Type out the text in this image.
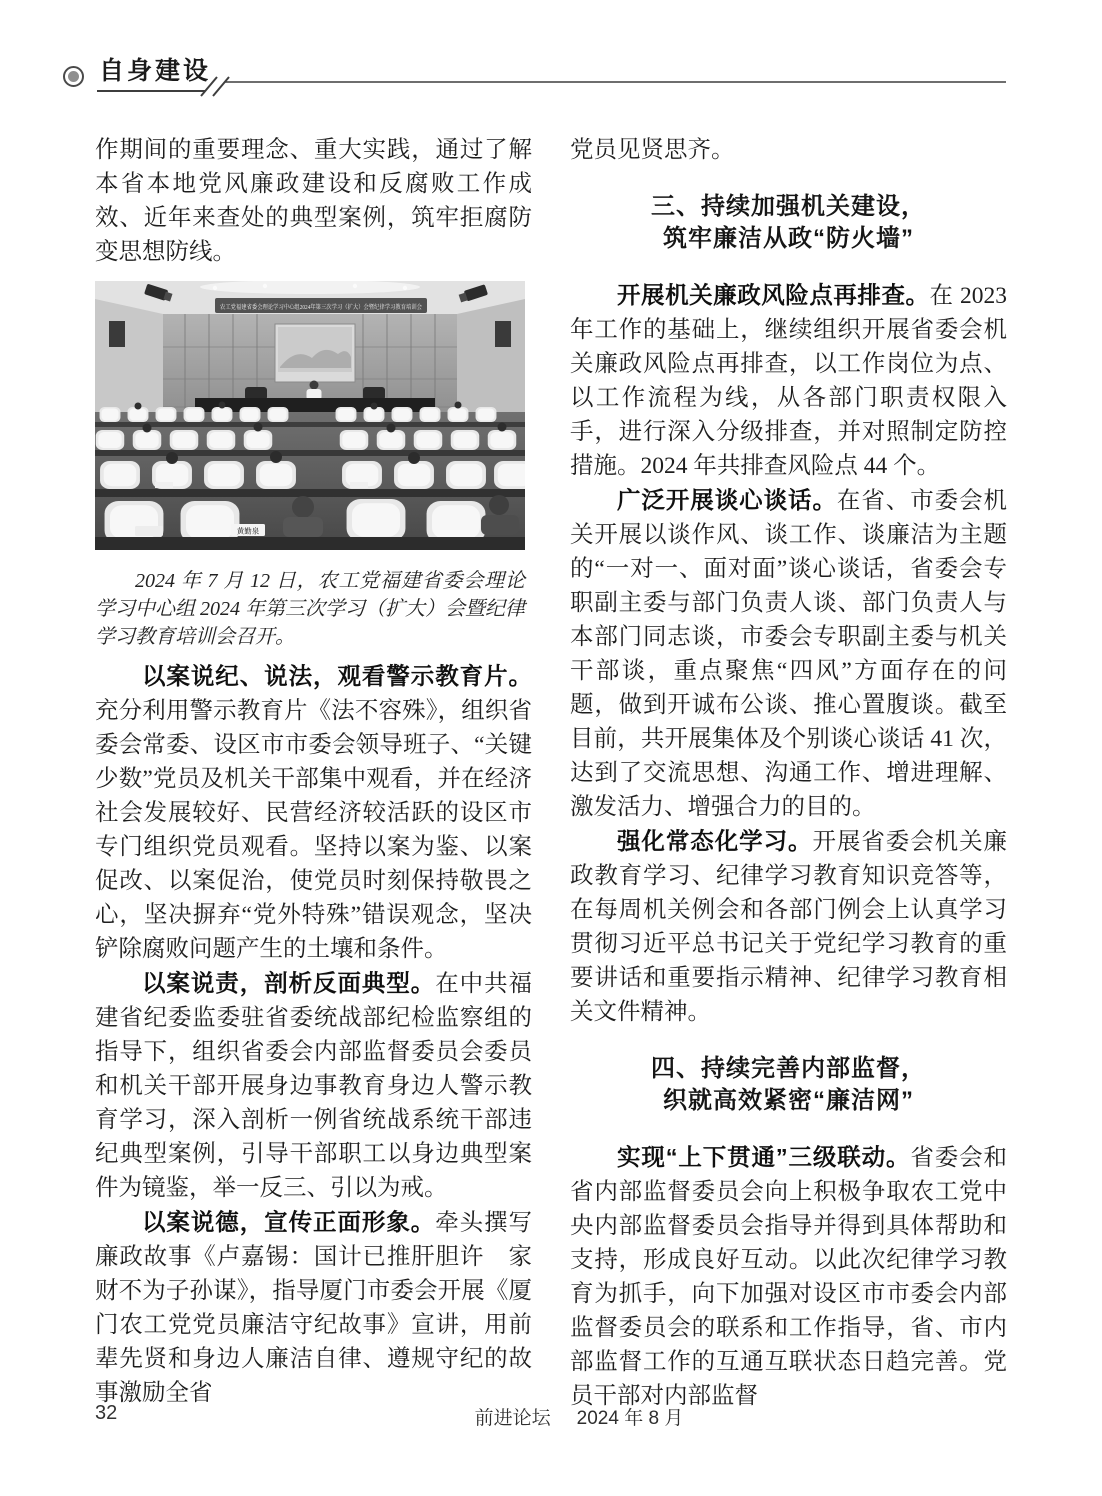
自身建设

作期间的重要理念、重大实践，通过了解本省本地党风廉政建设和反腐败工作成效、近年来查处的典型案例，筑牢拒腐防变思想防线。

农工党福建省委会理论学习中心组2024年第三次学习（扩大）会暨纪律学习教育培训会
黄勤泉
2024 年 7 月 12 日，农工党福建省委会理论学习中心组 2024 年第三次学习（扩大）会暨纪律学习教育培训会召开。

以案说纪、说法，观看警示教育片。充分利用警示教育片《法不容殊》，组织省委会常委、设区市市委会领导班子、“关键少数”党员及机关干部集中观看，并在经济社会发展较好、民营经济较活跃的设区市专门组织党员观看。坚持以案为鉴、以案促改、以案促治，使党员时刻保持敬畏之心，坚决摒弃“党外特殊”错误观念，坚决铲除腐败问题产生的土壤和条件。

以案说责，剖析反面典型。在中共福建省纪委监委驻省委统战部纪检监察组的指导下，组织省委会内部监督委员会委员和机关干部开展身边事教育身边人警示教育学习，深入剖析一例省统战系统干部违纪典型案例，引导干部职工以身边典型案件为镜鉴，举一反三、引以为戒。

以案说德，宣传正面形象。牵头撰写廉政故事《卢嘉锡：国计已推肝胆许　家财不为子孙谋》，指导厦门市委会开展《厦门农工党党员廉洁守纪故事》宣讲，用前辈先贤和身边人廉洁自律、遵规守纪的故事激励全省

党员见贤思齐。

三、持续加强机关建设，
筑牢廉洁从政“防火墙”

开展机关廉政风险点再排查。在 2023 年工作的基础上，继续组织开展省委会机关廉政风险点再排查，以工作岗位为点、以工作流程为线，从各部门职责权限入手，进行深入分级排查，并对照制定防控措施。2024 年共排查风险点 44 个。

广泛开展谈心谈话。在省、市委会机关开展以谈作风、谈工作、谈廉洁为主题的“一对一、面对面”谈心谈话，省委会专职副主委与部门负责人谈、部门负责人与本部门同志谈，市委会专职副主委与机关干部谈，重点聚焦“四风”方面存在的问题，做到开诚布公谈、推心置腹谈。截至目前，共开展集体及个别谈心谈话 41 次，达到了交流思想、沟通工作、增进理解、激发活力、增强合力的目的。

强化常态化学习。开展省委会机关廉政教育学习、纪律学习教育知识竞答等，在每周机关例会和各部门例会上认真学习贯彻习近平总书记关于党纪学习教育的重要讲话和重要指示精神、纪律学习教育相关文件精神。

四、持续完善内部监督，
织就高效紧密“廉洁网”

实现“上下贯通”三级联动。省委会和省内部监督委员会向上积极争取农工党中央内部监督委员会指导并得到具体帮助和支持，形成良好互动。以此次纪律学习教育为抓手，向下加强对设区市市委会内部监督委员会的联系和工作指导，省、市内部监督工作的互通互联状态日趋完善。党员干部对内部监督

32	前进论坛 2024 年 8 月
